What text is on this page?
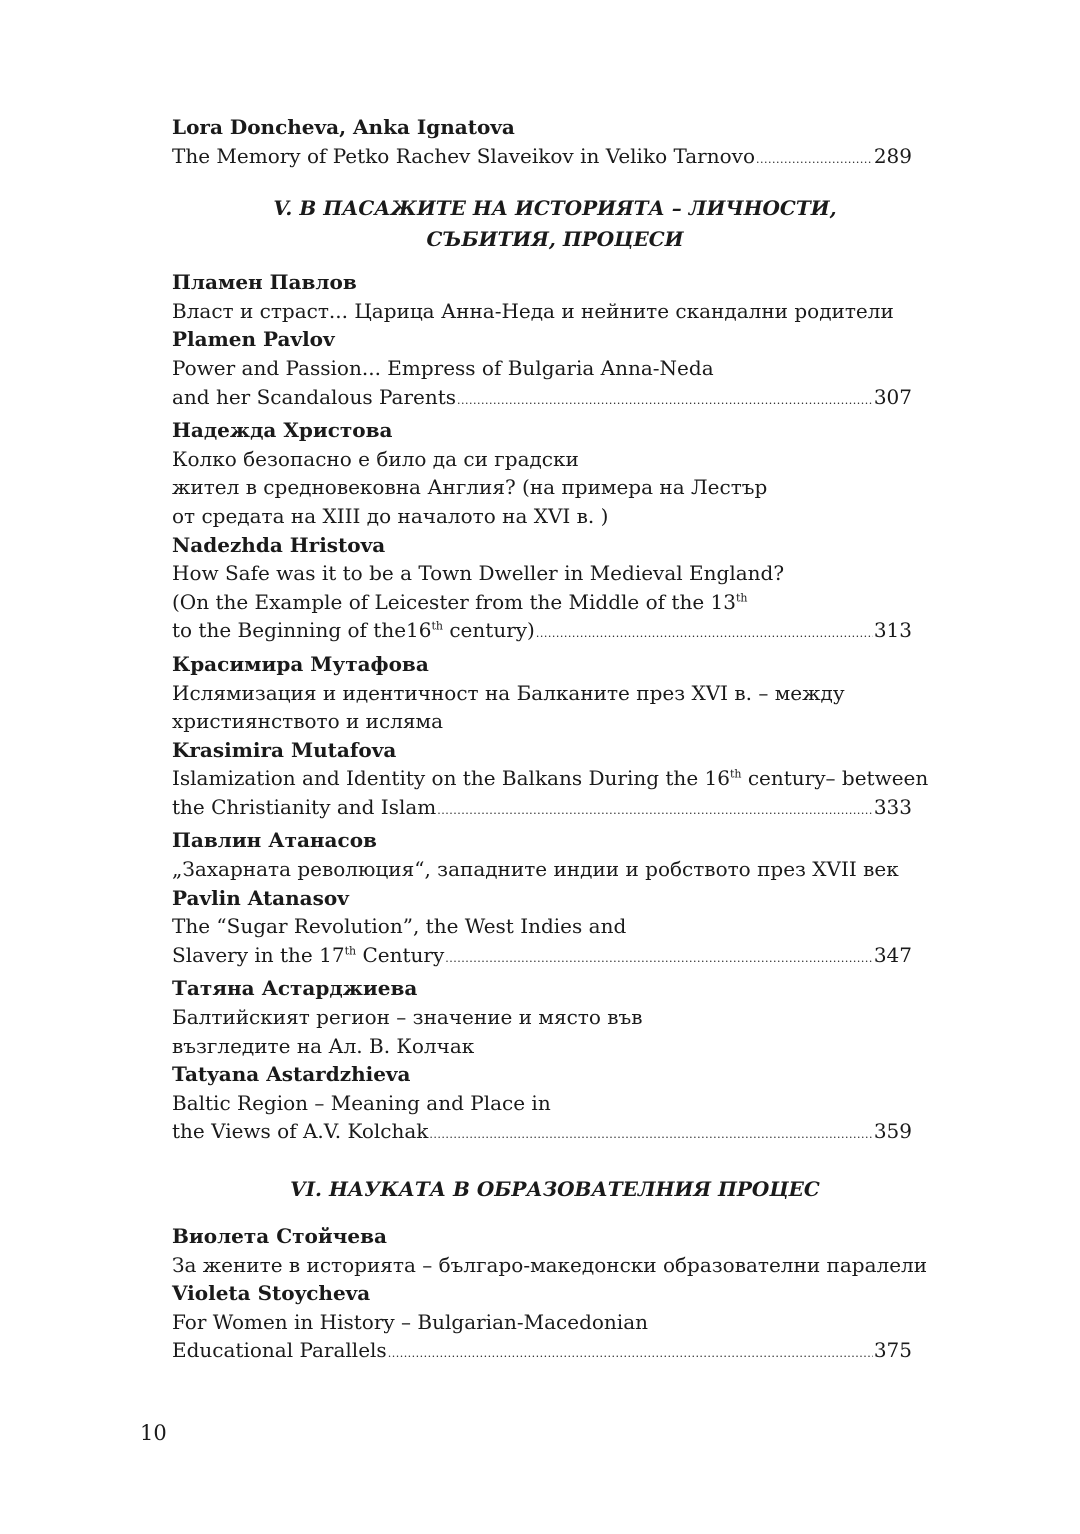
Lora Doncheva, Anka Ignatova
The Memory of Petko Rachev Slaveikov in Veliko Tarnovo .....	289
V. В ПАСАЖИТЕ НА ИСТОРИЯТА – ЛИЧНОСТИ,
СЪБИТИЯ, ПРОЦЕСИ
Пламен Павлов
Власт и страст... Царица Анна-Неда и нейните скандални родители
Plamen Pavlov
Power and Passion... Empress of Bulgaria Anna-Neda
and her Scandalous Parents .....	307
Надежда Христова
Колко безопасно е било да си градски
жител в средновековна Англия? (на примера на Лестър
от средата на XIII до началото на XVI в. )
Nadezhda Hristova
How Safe was it to be a Town Dweller in Medieval England?
(On the Example of Leicester from the Middle of the 13th
to the Beginning of the16th century) .....	313
Красимира Мутафова
Ислямизация и идентичност на Балканите през XVI в. – между
християнството и исляма
Krasimira Mutafova
Islamization and Identity on the Balkans During the 16th century– between
the Christianity and Islam .....	333
Павлин Атанасов
„Захарната революция“, западните индии и робството през XVII век
Pavlin Atanasov
The “Sugar Revolution”, the West Indies and
Slavery in the 17th Century .....	347
Татяна Астарджиева
Балтийският регион – значение и място във
възгледите на Ал. В. Колчак
Tatyana Astardzhieva
Baltic Region – Meaning and Place in
the Views of A.V. Kolchak .....	359
VI. НАУКАТА В ОБРАЗОВАТЕЛНИЯ ПРОЦЕС
Виолета Стойчева
За жените в историята – българо-македонски образователни паралели
Violeta Stoycheva
For Women in History – Bulgarian-Macedonian
Educational Parallels .....	375
10
